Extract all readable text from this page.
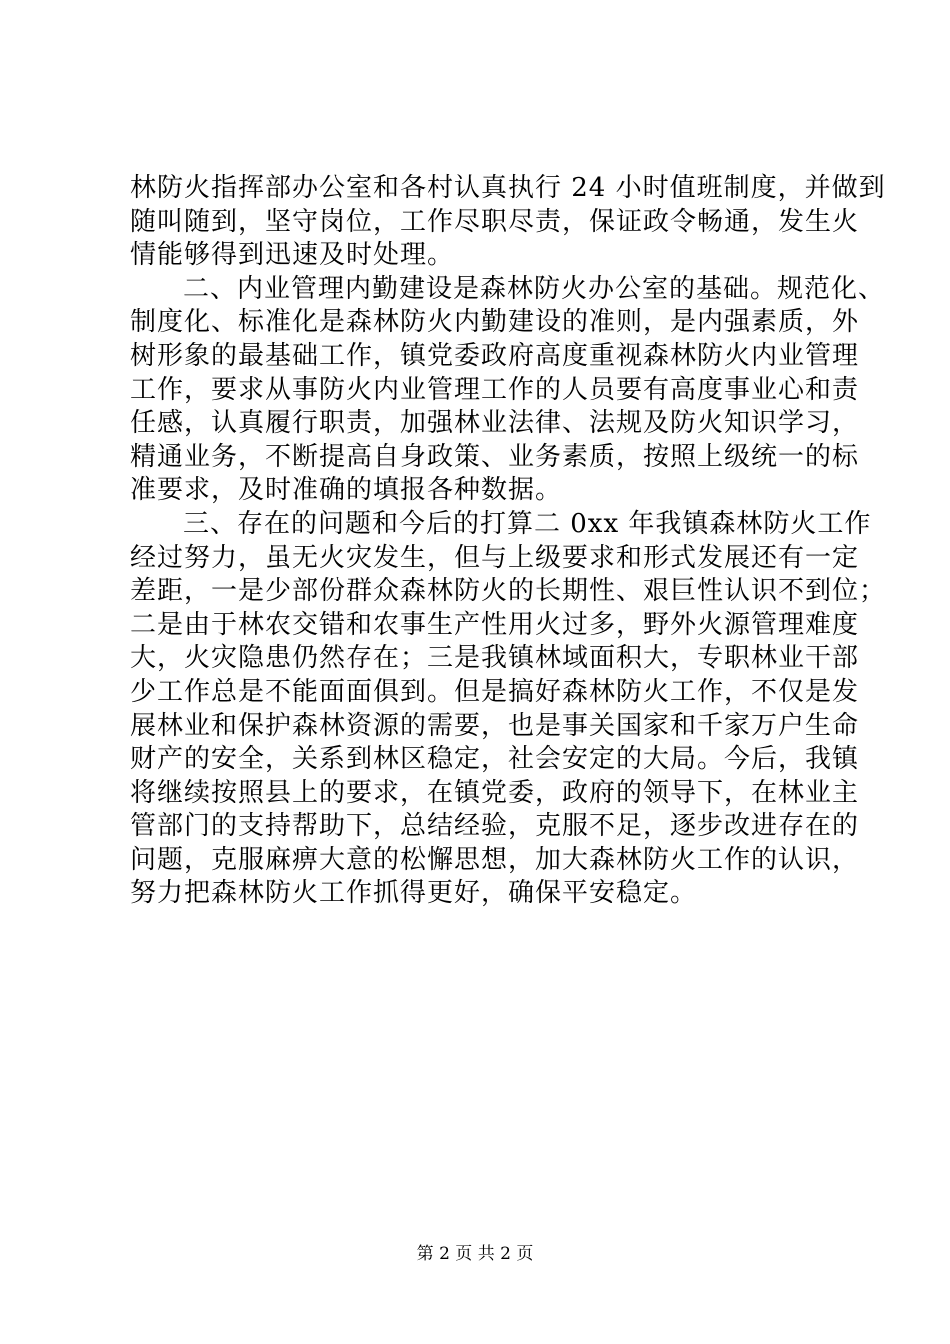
林防火指挥部办公室和各村认真执行 24 小时值班制度，并做到
随叫随到，坚守岗位，工作尽职尽责，保证政令畅通，发生火
情能够得到迅速及时处理。
二、内业管理内勤建设是森林防火办公室的基础。规范化、
制度化、标准化是森林防火内勤建设的准则，是内强素质，外
树形象的最基础工作，镇党委政府高度重视森林防火内业管理
工作，要求从事防火内业管理工作的人员要有高度事业心和责
任感，认真履行职责，加强林业法律、法规及防火知识学习，
精通业务，不断提高自身政策、业务素质，按照上级统一的标
准要求，及时准确的填报各种数据。
三、存在的问题和今后的打算二 0xx 年我镇森林防火工作
经过努力，虽无火灾发生，但与上级要求和形式发展还有一定
差距，一是少部份群众森林防火的长期性、艰巨性认识不到位；
二是由于林农交错和农事生产性用火过多，野外火源管理难度
大，火灾隐患仍然存在；三是我镇林域面积大，专职林业干部
少工作总是不能面面俱到。但是搞好森林防火工作，不仅是发
展林业和保护森林资源的需要，也是事关国家和千家万户生命
财产的安全，关系到林区稳定，社会安定的大局。今后，我镇
将继续按照县上的要求，在镇党委，政府的领导下，在林业主
管部门的支持帮助下，总结经验，克服不足，逐步改进存在的
问题，克服麻痹大意的松懈思想，加大森林防火工作的认识，
努力把森林防火工作抓得更好，确保平安稳定。
第 2 页 共 2 页
